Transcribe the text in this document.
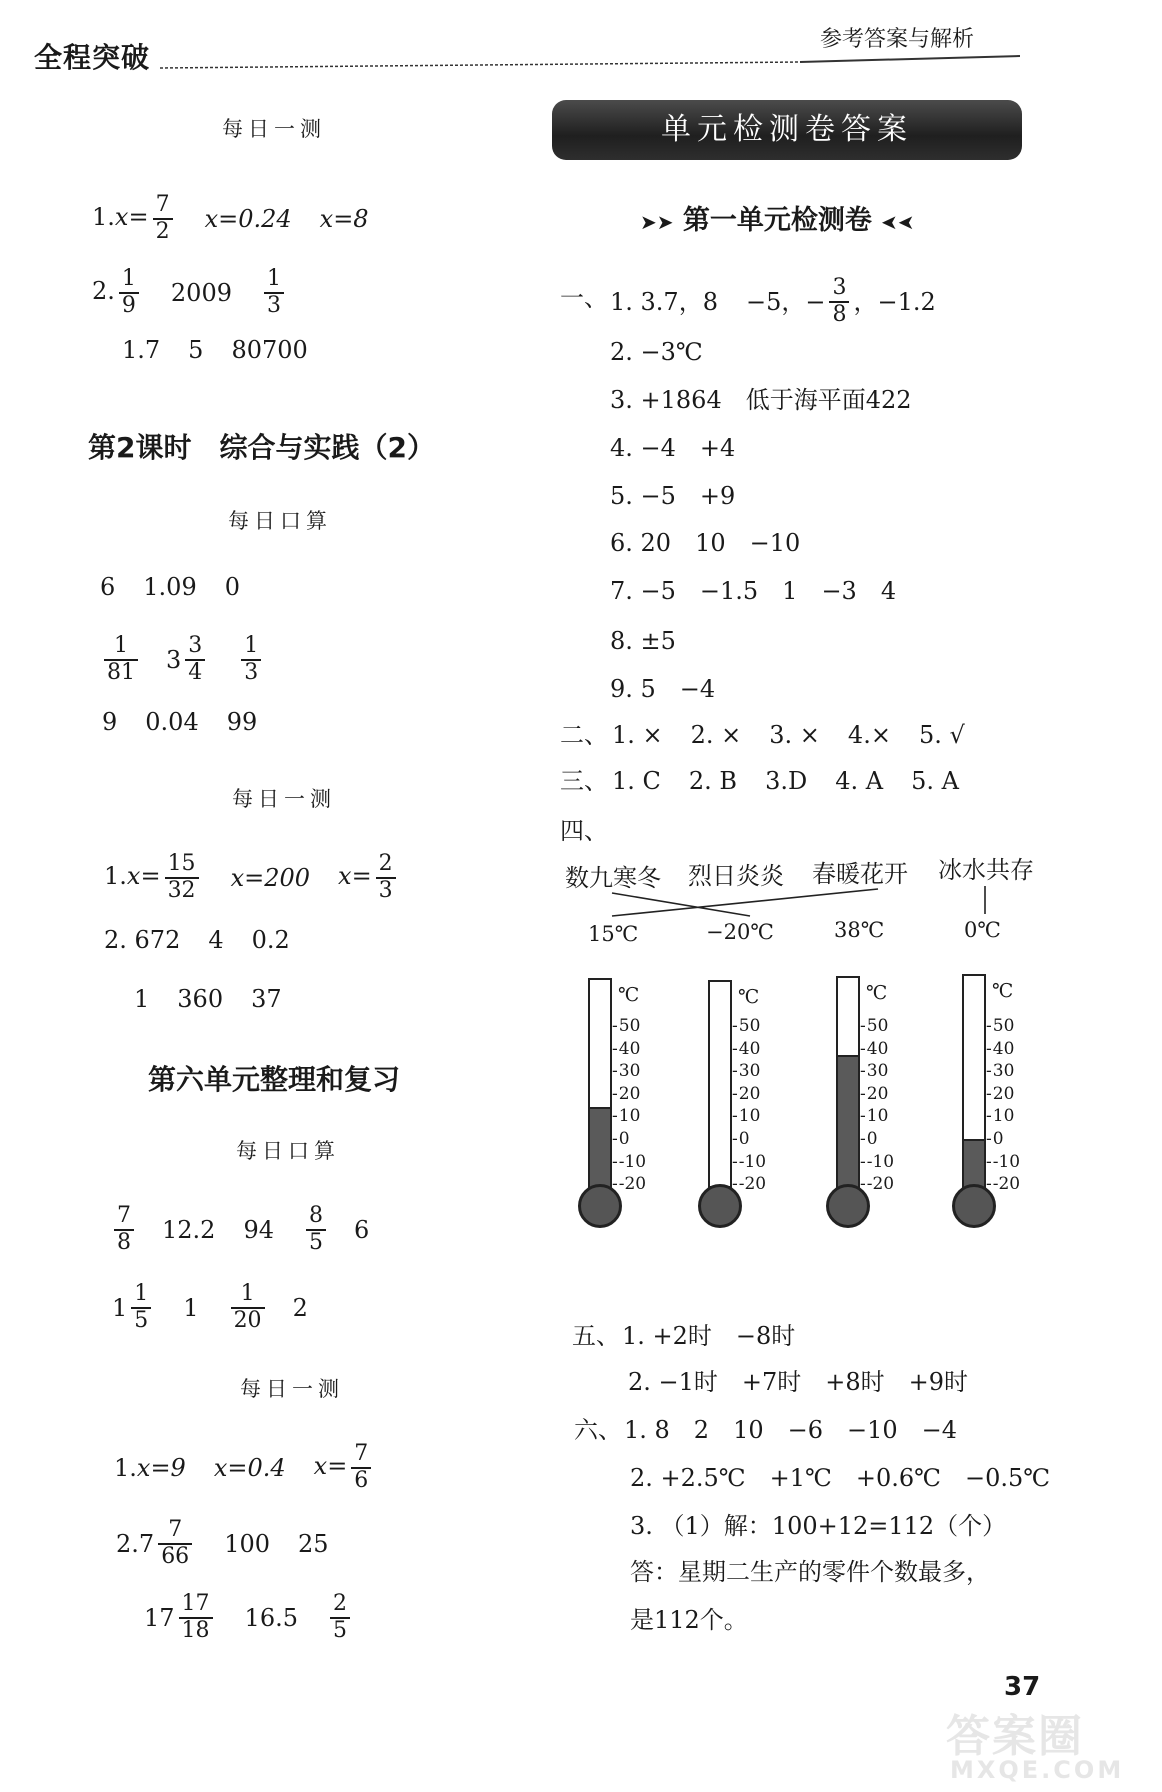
全程突破
参考答案与解析
每日一测
$1.x= \frac{7}{2} x=0.24$ x=8
2. $\frac{1}{9} 2009 \frac{1}{3}$
1.7 5 80700
第2课时　综合与实践（2）
每日口算
6 1.09 0
$\frac{1}{81} 3 \frac{3}{4} \frac{1}{3}$
9 0.04 99
每日一测
$1.x= \frac{15}{32} x=200$ $x= \frac{2}{3}$
2. 672 4 0.2
1 360 37
第六单元整理和复习
每日口算
$\frac{7}{8} 12.2$ $94 \frac{8}{5} 6$
$1 \frac{1}{5} 1 \frac{1}{20} 2$
每日一测
1.x=9 x=0.4 $x= \frac{7}{6}$
2. $7 \frac{7}{66} 100$ 25
$17 \frac{17}{18} 16.5 \frac{2}{5}$
单元检测卷答案
➤➤ 第一单元检测卷 ➤➤
一、 1. 3.7，8 −5，− $\frac{3}{8}$ ，−1.2
2. −3℃
3. +1864　低于海平面422
4. −4　+4
5. −5　+9
6. 20　10　−10
7. −5　−1.5　1　−3　4
8. ±5
9. 5　−4
二、 1. × 2. × 3. × 4.× 5. √
三、 1. C 2. B 3.D 4. A 5. A
四、
数九寒冬 烈日炎炎 春暖花开 冰水共存
15℃	−20℃	38℃	0℃
℃
- 50
- 40
- 30
- 20
- 10
- 0
- -10
- -20
℃
- 50
- 40
- 30
- 20
- 10
- 0
- -10
- -20
℃
- 50
- 40
- 30
- 20
- 10
- 0
- -10
- -20
℃
- 50
- 40
- 30
- 20
- 10
- 0
- -10
- -20
五、 1. +2时　−8时
2. −1时　+7时　+8时　+9时
六、 1. 8　2　10　−6　−10　−4
2. +2.5℃　+1℃　+0.6℃　−0.5℃
3. （1）解：100+12=112（个）
答：星期二生产的零件个数最多，
是112个。
37
答案圈
MXQE.COM
